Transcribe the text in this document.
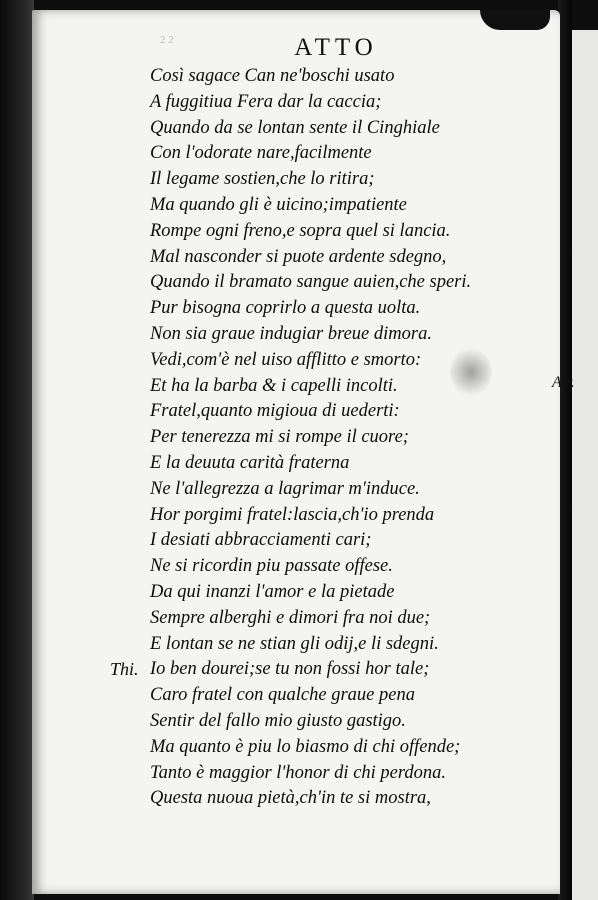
2 2	ATTO
Così sagace Can ne'boschi usato
A fuggitiua Fera dar la caccia;
Quando da se lontan sente il Cinghiale
Con l'odorate nare,facilmente
Il legame sostien,che lo ritira;
Ma quando gli è uicino;impatiente
Rompe ogni freno,e sopra quel si lancia.
Mal nasconder si puote ardente sdegno,
Quando il bramato sangue auien,che speri.
Pur bisogna coprirlo a questa uolta.
Non sia graue indugiar breue dimora.
Vedi,com'è nel uiso afflitto e smorto:
Et ha la barba & i capelli incolti.
Fratel,quanto migioua di uederti:
Per tenerezza mi si rompe il cuore;
E la deuuta carità fraterna
Ne l'allegrezza a lagrimar m'induce.
Hor porgimi fratel:lascia,ch'io prenda
I desiati abbracciamenti cari;
Ne si ricordin piu passate offese.
Da qui inanzi l'amor e la pietade
Sempre alberghi e dimori fra noi due;
E lontan se ne stian gli odij,e li sdegni.
Thi. Io ben dourei;se tu non fossi hor tale;
Caro fratel con qualche graue pena
Sentir del fallo mio giusto gastigo.
Ma quanto è piu lo biasmo di chi offende;
Tanto è maggior l'honor di chi perdona.
Questa nuoua pietà,ch'in te si mostra,
Atr.
